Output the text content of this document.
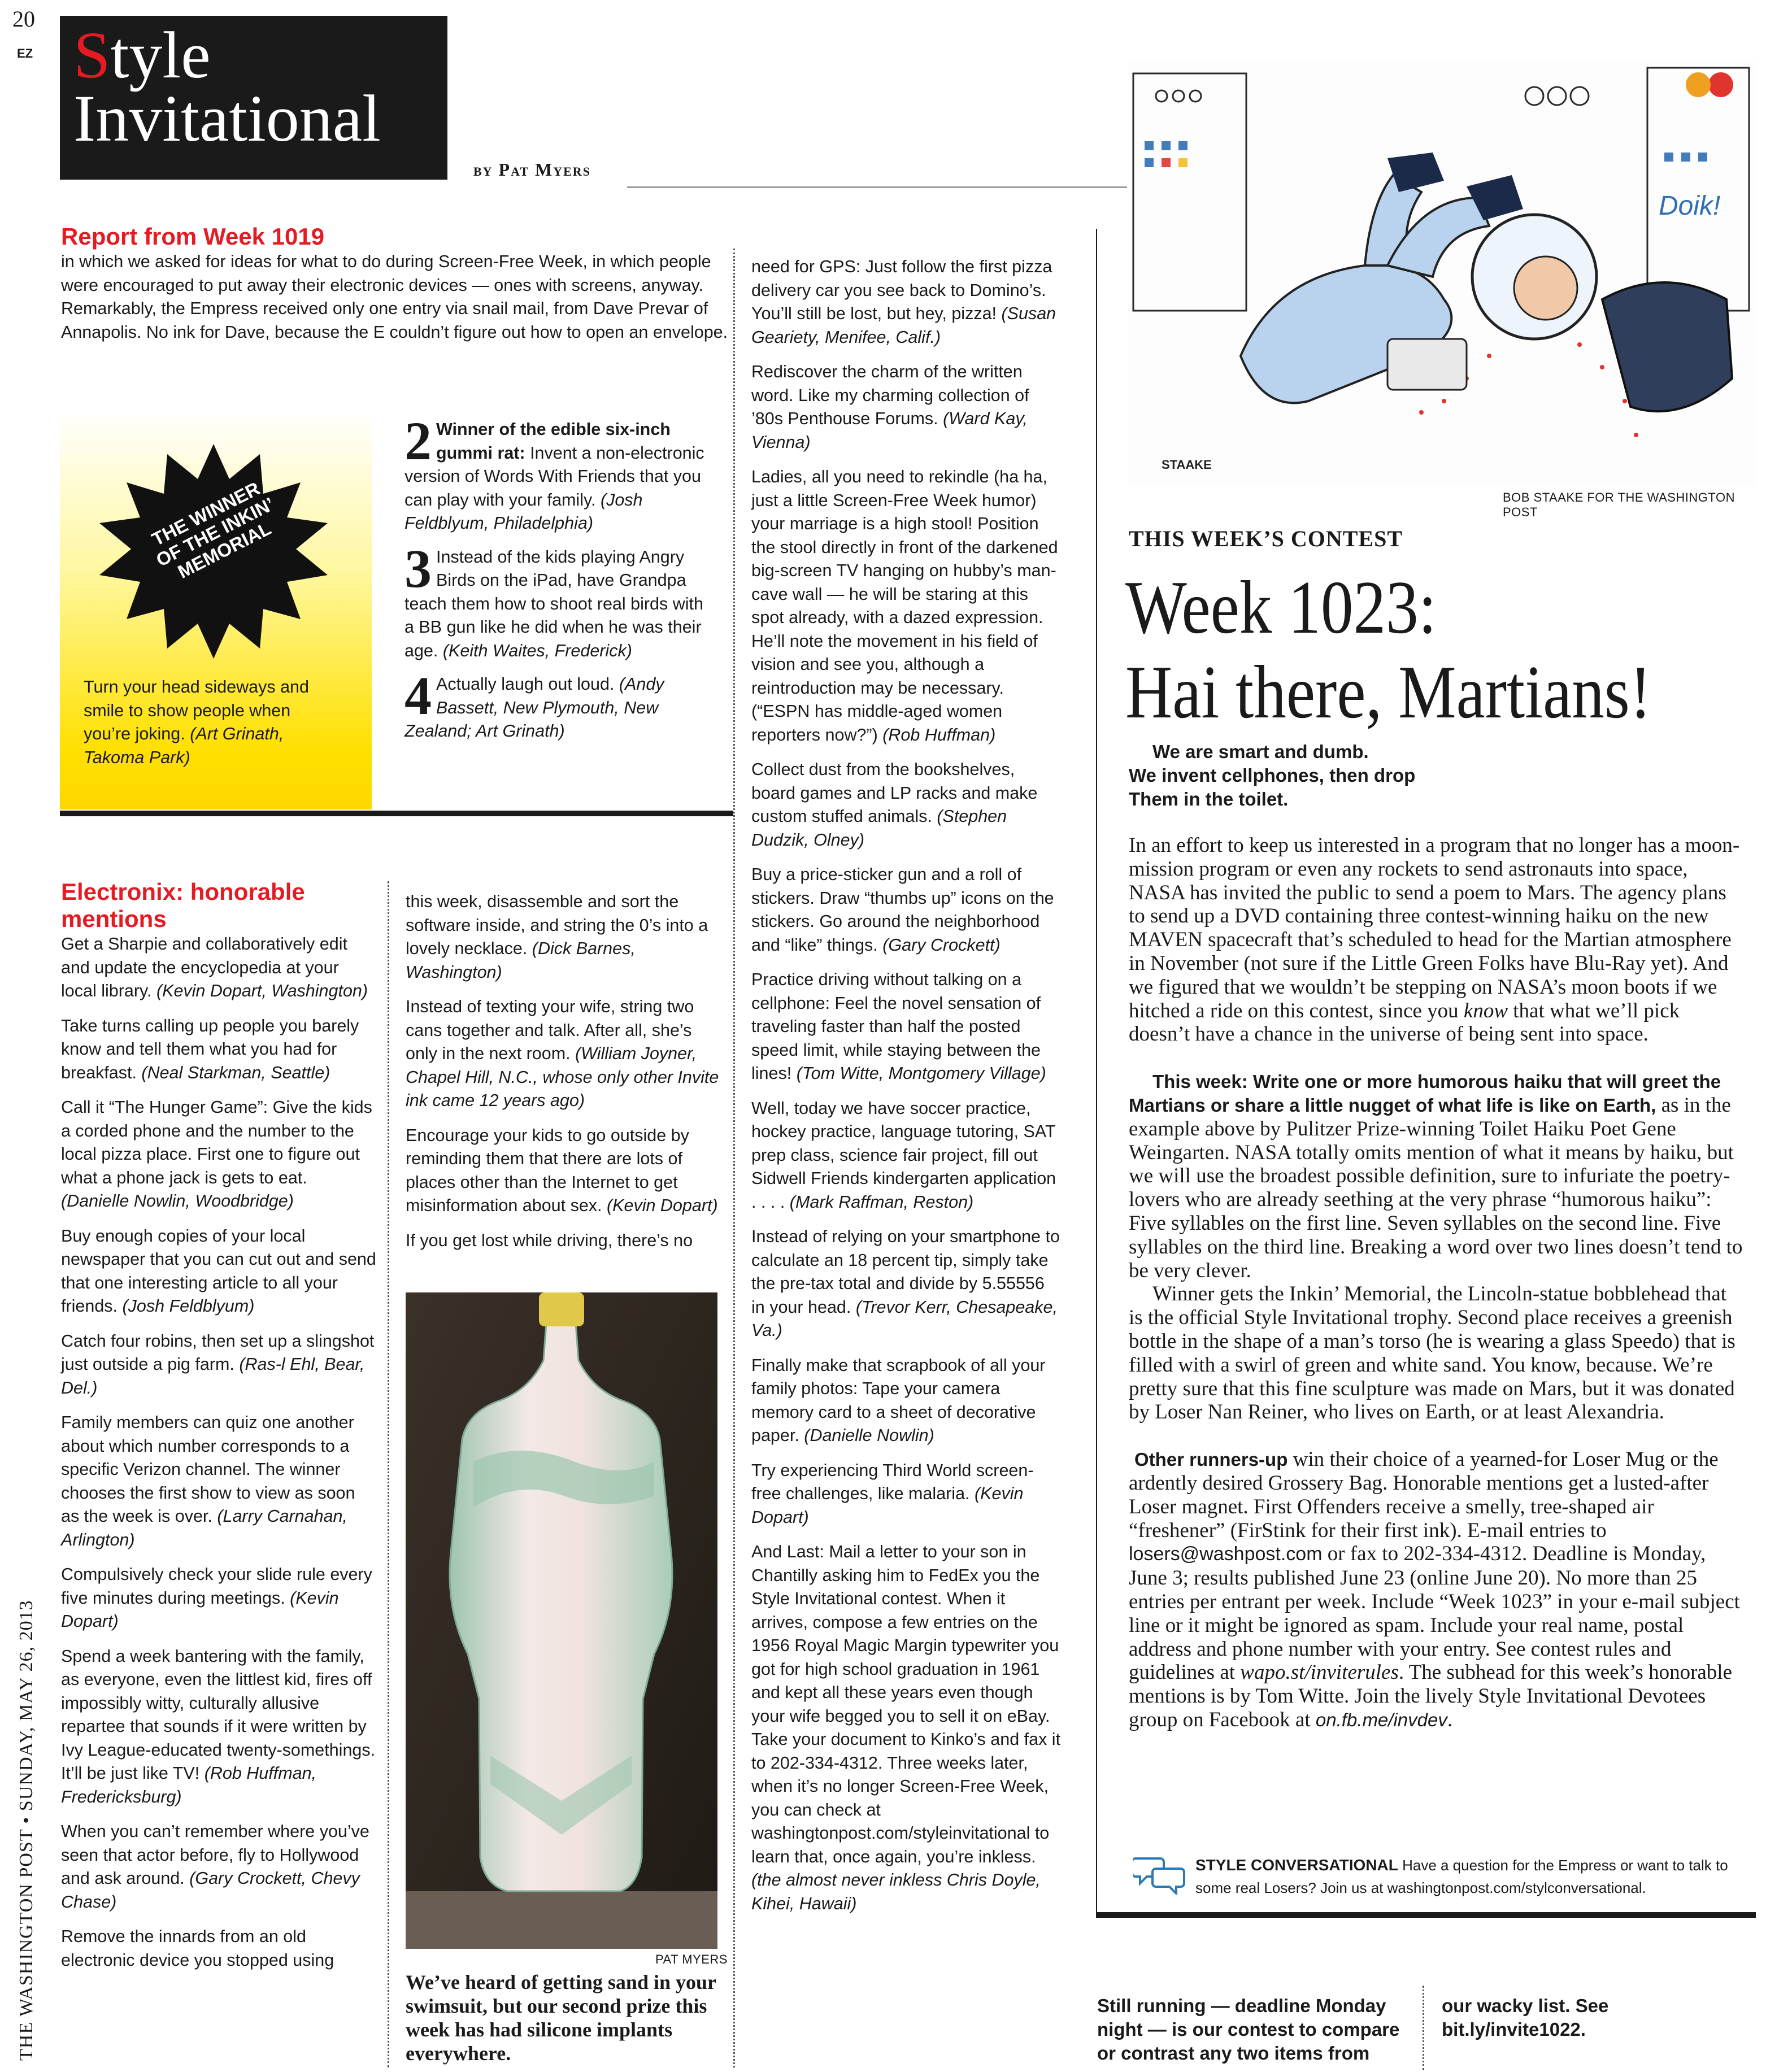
20
EZ Style
Invitational
by Pat Myers
THE WASHINGTON POST • SUNDAY, MAY 26, 2013
Report from Week 1019
in which we asked for ideas for what to do during Screen-Free Week, in which people were encouraged to put away their electronic devices — ones with screens, anyway. Remarkably, the Empress received only one entry via snail mail, from Dave Prevar of Annapolis. No ink for Dave, because the E couldn’t figure out how to open an envelope.
THE WINNER OF THE INKIN’ MEMORIAL
Turn your head sideways and smile to show people when you’re joking. (Art Grinath, Takoma Park)
2 Winner of the edible six-inch gummi rat: Invent a non-electronic version of Words With Friends that you can play with your family. (Josh Feldblyum, Philadelphia)
3 Instead of the kids playing Angry Birds on the iPad, have Grandpa teach them how to shoot real birds with a BB gun like he did when he was their age. (Keith Waites, Frederick)
4 Actually laugh out loud. (Andy Bassett, New Plymouth, New Zealand; Art Grinath)
Electronix: honorable mentions

Get a Sharpie and collaboratively edit and update the encyclopedia at your local library. (Kevin Dopart, Washington)

Take turns calling up people you barely know and tell them what you had for breakfast. (Neal Starkman, Seattle)

Call it “The Hunger Game”: Give the kids a corded phone and the number to the local pizza place. First one to figure out what a phone jack is gets to eat. (Danielle Nowlin, Woodbridge)

Buy enough copies of your local newspaper that you can cut out and send that one interesting article to all your friends. (Josh Feldblyum)

Catch four robins, then set up a slingshot just outside a pig farm. (Ras-l Ehl, Bear, Del.)

Family members can quiz one another about which number corresponds to a specific Verizon channel. The winner chooses the first show to view as soon as the week is over. (Larry Carnahan, Arlington)

Compulsively check your slide rule every five minutes during meetings. (Kevin Dopart)

Spend a week bantering with the family, as everyone, even the littlest kid, fires off impossibly witty, culturally allusive repartee that sounds if it were written by Ivy League-educated twenty-somethings. It’ll be just like TV! (Rob Huffman, Fredericksburg)

When you can’t remember where you’ve seen that actor before, fly to Hollywood and ask around. (Gary Crockett, Chevy Chase)

Remove the innards from an old electronic device you stopped using

this week, disassemble and sort the software inside, and string the 0’s into a lovely necklace. (Dick Barnes, Washington)

Instead of texting your wife, string two cans together and talk. After all, she’s only in the next room. (William Joyner, Chapel Hill, N.C., whose only other Invite ink came 12 years ago)

Encourage your kids to go outside by reminding them that there are lots of places other than the Internet to get misinformation about sex. (Kevin Dopart)

If you get lost while driving, there’s no

PAT MYERS
We’ve heard of getting sand in your swimsuit, but our second prize this week has had silicone implants everywhere.

need for GPS: Just follow the first pizza delivery car you see back to Domino’s. You’ll still be lost, but hey, pizza! (Susan Geariety, Menifee, Calif.)

Rediscover the charm of the written word. Like my charming collection of ’80s Penthouse Forums. (Ward Kay, Vienna)

Ladies, all you need to rekindle (ha ha, just a little Screen-Free Week humor) your marriage is a high stool! Position the stool directly in front of the darkened big-screen TV hanging on hubby’s man-cave wall — he will be staring at this spot already, with a dazed expression. He’ll note the movement in his field of vision and see you, although a reintroduction may be necessary. (“ESPN has middle-aged women reporters now?”) (Rob Huffman)

Collect dust from the bookshelves, board games and LP racks and make custom stuffed animals. (Stephen Dudzik, Olney)

Buy a price-sticker gun and a roll of stickers. Draw “thumbs up” icons on the stickers. Go around the neighborhood and “like” things. (Gary Crockett)

Practice driving without talking on a cellphone: Feel the novel sensation of traveling faster than half the posted speed limit, while staying between the lines! (Tom Witte, Montgomery Village)

Well, today we have soccer practice, hockey practice, language tutoring, SAT prep class, science fair project, fill out Sidwell Friends kindergarten application . . . . (Mark Raffman, Reston)

Instead of relying on your smartphone to calculate an 18 percent tip, simply take the pre-tax total and divide by 5.55556 in your head. (Trevor Kerr, Chesapeake, Va.)

Finally make that scrapbook of all your family photos: Tape your camera memory card to a sheet of decorative paper. (Danielle Nowlin)

Try experiencing Third World screen-free challenges, like malaria. (Kevin Dopart)

And Last: Mail a letter to your son in Chantilly asking him to FedEx you the Style Invitational contest. When it arrives, compose a few entries on the 1956 Royal Magic Margin typewriter you got for high school graduation in 1961 and kept all these years even though your wife begged you to sell it on eBay. Take your document to Kinko’s and fax it to 202-334-4312. Three weeks later, when it’s no longer Screen-Free Week, you can check at washingtonpost.com/styleinvitational to learn that, once again, you’re inkless. (the almost never inkless Chris Doyle, Kihei, Hawaii)

Doik!
STAAKE
BOB STAAKE FOR THE WASHINGTON POST
THIS WEEK’S CONTEST
Week 1023:
Hai there, Martians!
We are smart and dumb.
We invent cellphones, then drop
Them in the toilet.

In an effort to keep us interested in a program that no longer has a moon-mission program or even any rockets to send astronauts into space, NASA has invited the public to send a poem to Mars. The agency plans to send up a DVD containing three contest-winning haiku on the new MAVEN spacecraft that’s scheduled to head for the Martian atmosphere in November (not sure if the Little Green Folks have Blu-Ray yet). And we figured that we wouldn’t be stepping on NASA’s moon boots if we hitched a ride on this contest, since you know that what we’ll pick doesn’t have a chance in the universe of being sent into space.

This week: Write one or more humorous haiku that will greet the Martians or share a little nugget of what life is like on Earth, as in the example above by Pulitzer Prize-winning Toilet Haiku Poet Gene Weingarten. NASA totally omits mention of what it means by haiku, but we will use the broadest possible definition, sure to infuriate the poetry-lovers who are already seething at the very phrase “humorous haiku”: Five syllables on the first line. Seven syllables on the second line. Five syllables on the third line. Breaking a word over two lines doesn’t tend to be very clever.

Winner gets the Inkin’ Memorial, the Lincoln-statue bobblehead that is the official Style Invitational trophy. Second place receives a greenish bottle in the shape of a man’s torso (he is wearing a glass Speedo) that is filled with a swirl of green and white sand. You know, because. We’re pretty sure that this fine sculpture was made on Mars, but it was donated by Loser Nan Reiner, who lives on Earth, or at least Alexandria.

Other runners-up win their choice of a yearned-for Loser Mug or the ardently desired Grossery Bag. Honorable mentions get a lusted-after Loser magnet. First Offenders receive a smelly, tree-shaped air “freshener” (FirStink for their first ink). E-mail entries to losers@washpost.com or fax to 202-334-4312. Deadline is Monday, June 3; results published June 23 (online June 20). No more than 25 entries per entrant per week. Include “Week 1023” in your e-mail subject line or it might be ignored as spam. Include your real name, postal address and phone number with your entry. See contest rules and guidelines at wapo.st/inviterules. The subhead for this week’s honorable mentions is by Tom Witte. Join the lively Style Invitational Devotees group on Facebook at on.fb.me/invdev.

STYLE CONVERSATIONAL Have a question for the Empress or want to talk to some real Losers? Join us at washingtonpost.com/stylconversational.
Still running — deadline Monday night — is our contest to compare or contrast any two items from
our wacky list. See bit.ly/invite1022.
